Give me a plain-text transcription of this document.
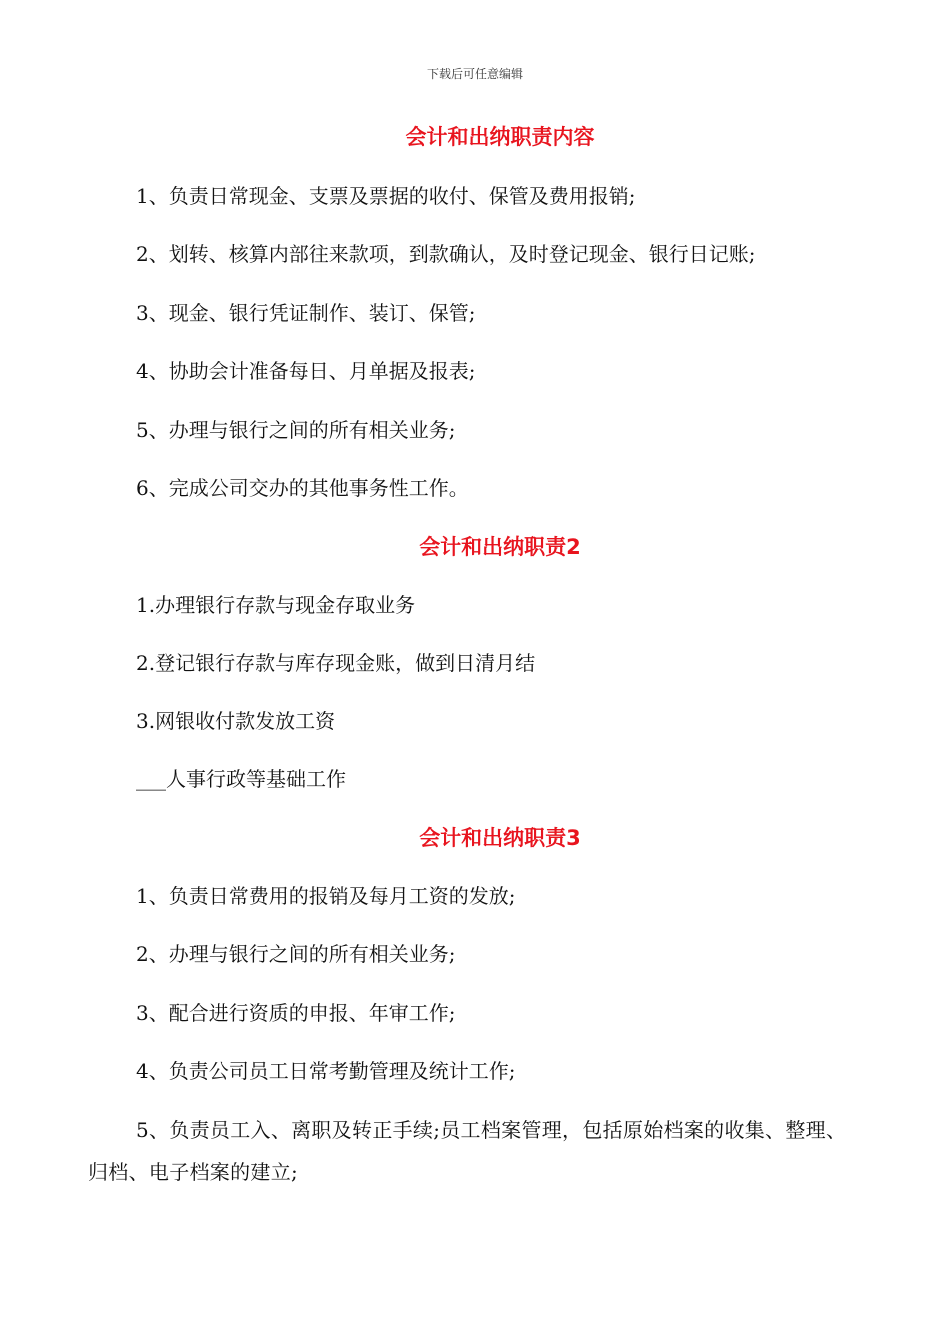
下载后可任意编辑
会计和出纳职责内容
1、负责日常现金、支票及票据的收付、保管及费用报销;
2、划转、核算内部往来款项，到款确认，及时登记现金、银行日记账;
3、现金、银行凭证制作、装订、保管;
4、协助会计准备每日、月单据及报表;
5、办理与银行之间的所有相关业务;
6、完成公司交办的其他事务性工作。
会计和出纳职责2
1.办理银行存款与现金存取业务
2.登记银行存款与库存现金账，做到日清月结
3.网银收付款发放工资
___人事行政等基础工作
会计和出纳职责3
1、负责日常费用的报销及每月工资的发放;
2、办理与银行之间的所有相关业务;
3、配合进行资质的申报、年审工作;
4、负责公司员工日常考勤管理及统计工作;
5、负责员工入、离职及转正手续;员工档案管理，包括原始档案的收集、整理、归档、电子档案的建立;
